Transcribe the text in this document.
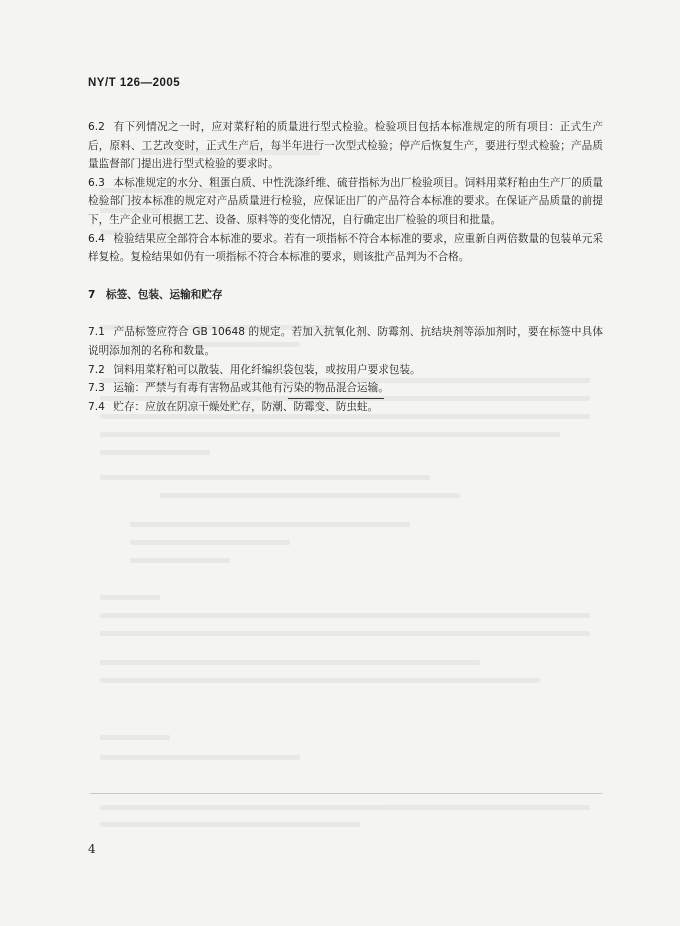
NY/T 126—2005

6.2 有下列情况之一时，应对菜籽粕的质量进行型式检验。检验项目包括本标准规定的所有项目：正式生产后，原料、工艺改变时，正式生产后，每半年进行一次型式检验；停产后恢复生产，要进行型式检验；产品质量监督部门提出进行型式检验的要求时。

6.3 本标准规定的水分、粗蛋白质、中性洗涤纤维、硫苷指标为出厂检验项目。饲料用菜籽粕由生产厂的质量检验部门按本标准的规定对产品质量进行检验，应保证出厂的产品符合本标准的要求。在保证产品质量的前提下，生产企业可根据工艺、设备、原料等的变化情况，自行确定出厂检验的项目和批量。

6.4 检验结果应全部符合本标准的要求。若有一项指标不符合本标准的要求，应重新自两倍数量的包装单元采样复检。复检结果如仍有一项指标不符合本标准的要求，则该批产品判为不合格。

7 标签、包装、运输和贮存

7.1 产品标签应符合 GB 10648 的规定。若加入抗氧化剂、防霉剂、抗结块剂等添加剂时，要在标签中具体说明添加剂的名称和数量。

7.2 饲料用菜籽粕可以散装、用化纤编织袋包装，或按用户要求包装。

7.3 运输：严禁与有毒有害物品或其他有污染的物品混合运输。

7.4 贮存：应放在阴凉干燥处贮存，防潮、防霉变、防虫蛀。

4
